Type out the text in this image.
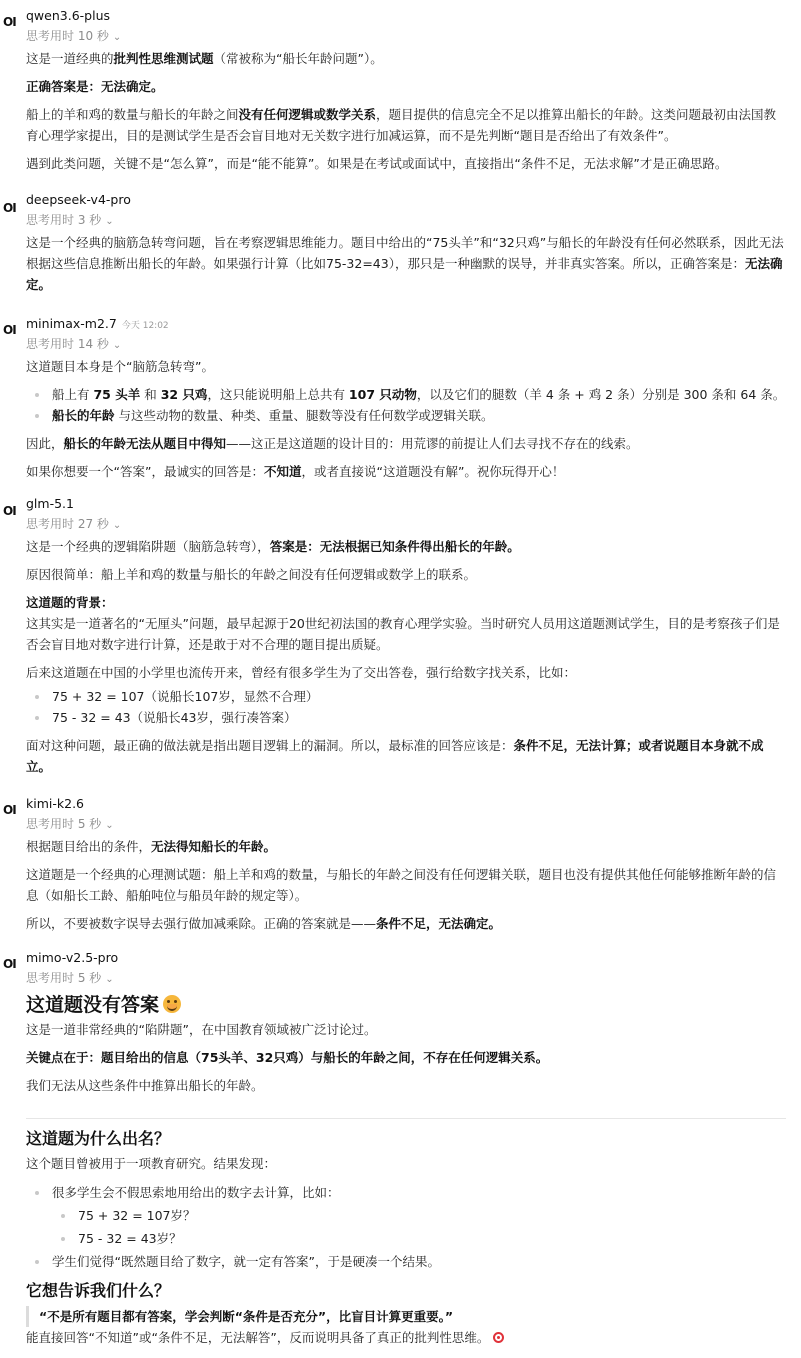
OI qwen3.6-plus
思考用时 10 秒 ⌄

这是一道经典的批判性思维测试题（常被称为“船长年龄问题”）。

正确答案是：无法确定。

船上的羊和鸡的数量与船长的年龄之间没有任何逻辑或数学关系，题目提供的信息完全不足以推算出船长的年龄。这类问题最初由法国教育心理学家提出，目的是测试学生是否会盲目地对无关数字进行加减运算，而不是先判断“题目是否给出了有效条件”。

遇到此类问题，关键不是“怎么算”，而是“能不能算”。如果是在考试或面试中，直接指出“条件不足，无法求解”才是正确思路。

OI
deepseek-v4-pro
思考用时 3 秒 ⌄

这是一个经典的脑筋急转弯问题，旨在考察逻辑思维能力。题目中给出的“75头羊”和“32只鸡”与船长的年龄没有任何必然联系，因此无法根据这些信息推断出船长的年龄。如果强行计算（比如75-32=43），那只是一种幽默的误导，并非真实答案。所以，正确答案是：无法确定。

OI minimax-m2.7 今天 12:02
思考用时 14 秒 ⌄

这道题目本身是个“脑筋急转弯”。

船上有 75 头羊 和 32 只鸡，这只能说明船上总共有 107 只动物，以及它们的腿数（羊 4 条 + 鸡 2 条）分别是 300 条和 64 条。
船长的年龄 与这些动物的数量、种类、重量、腿数等没有任何数学或逻辑关联。

因此，船长的年龄无法从题目中得知——这正是这道题的设计目的：用荒谬的前提让人们去寻找不存在的线索。

如果你想要一个“答案”，最诚实的回答是：不知道，或者直接说“这道题没有解”。祝你玩得开心！

OI glm-5.1
思考用时 27 秒 ⌄

这是一个经典的逻辑陷阱题（脑筋急转弯），答案是：无法根据已知条件得出船长的年龄。

原因很简单：船上羊和鸡的数量与船长的年龄之间没有任何逻辑或数学上的联系。

这道题的背景：

这其实是一道著名的“无厘头”问题，最早起源于20世纪初法国的教育心理学实验。当时研究人员用这道题测试学生，目的是考察孩子们是否会盲目地对数字进行计算，还是敢于对不合理的题目提出质疑。

后来这道题在中国的小学里也流传开来，曾经有很多学生为了交出答卷，强行给数字找关系，比如：

75 + 32 = 107（说船长107岁，显然不合理）
75 - 32 = 43（说船长43岁，强行凑答案）

面对这种问题，最正确的做法就是指出题目逻辑上的漏洞。所以，最标准的回答应该是：条件不足，无法计算；或者说题目本身就不成立。

OI kimi-k2.6
思考用时 5 秒 ⌄

根据题目给出的条件，无法得知船长的年龄。

这道题是一个经典的心理测试题：船上羊和鸡的数量，与船长的年龄之间没有任何逻辑关联，题目也没有提供其他任何能够推断年龄的信息（如船长工龄、船舶吨位与船员年龄的规定等）。

所以，不要被数字误导去强行做加减乘除。正确的答案就是——条件不足，无法确定。

OI mimo-v2.5-pro
思考用时 5 秒 ⌄

这道题没有答案

这是一道非常经典的“陷阱题”，在中国教育领域被广泛讨论过。

关键点在于：题目给出的信息（75头羊、32只鸡）与船长的年龄之间，不存在任何逻辑关系。

我们无法从这些条件中推算出船长的年龄。

这道题为什么出名？

这个题目曾被用于一项教育研究。结果发现：

很多学生会不假思索地用给出的数字去计算，比如：
75 + 32 = 107岁？
75 - 32 = 43岁？
学生们觉得“既然题目给了数字，就一定有答案”，于是硬凑一个结果。

它想告诉我们什么？

“不是所有题目都有答案，学会判断“条件是否充分”，比盲目计算更重要。”

能直接回答“不知道”或“条件不足，无法解答”，反而说明具备了真正的批判性思维。
